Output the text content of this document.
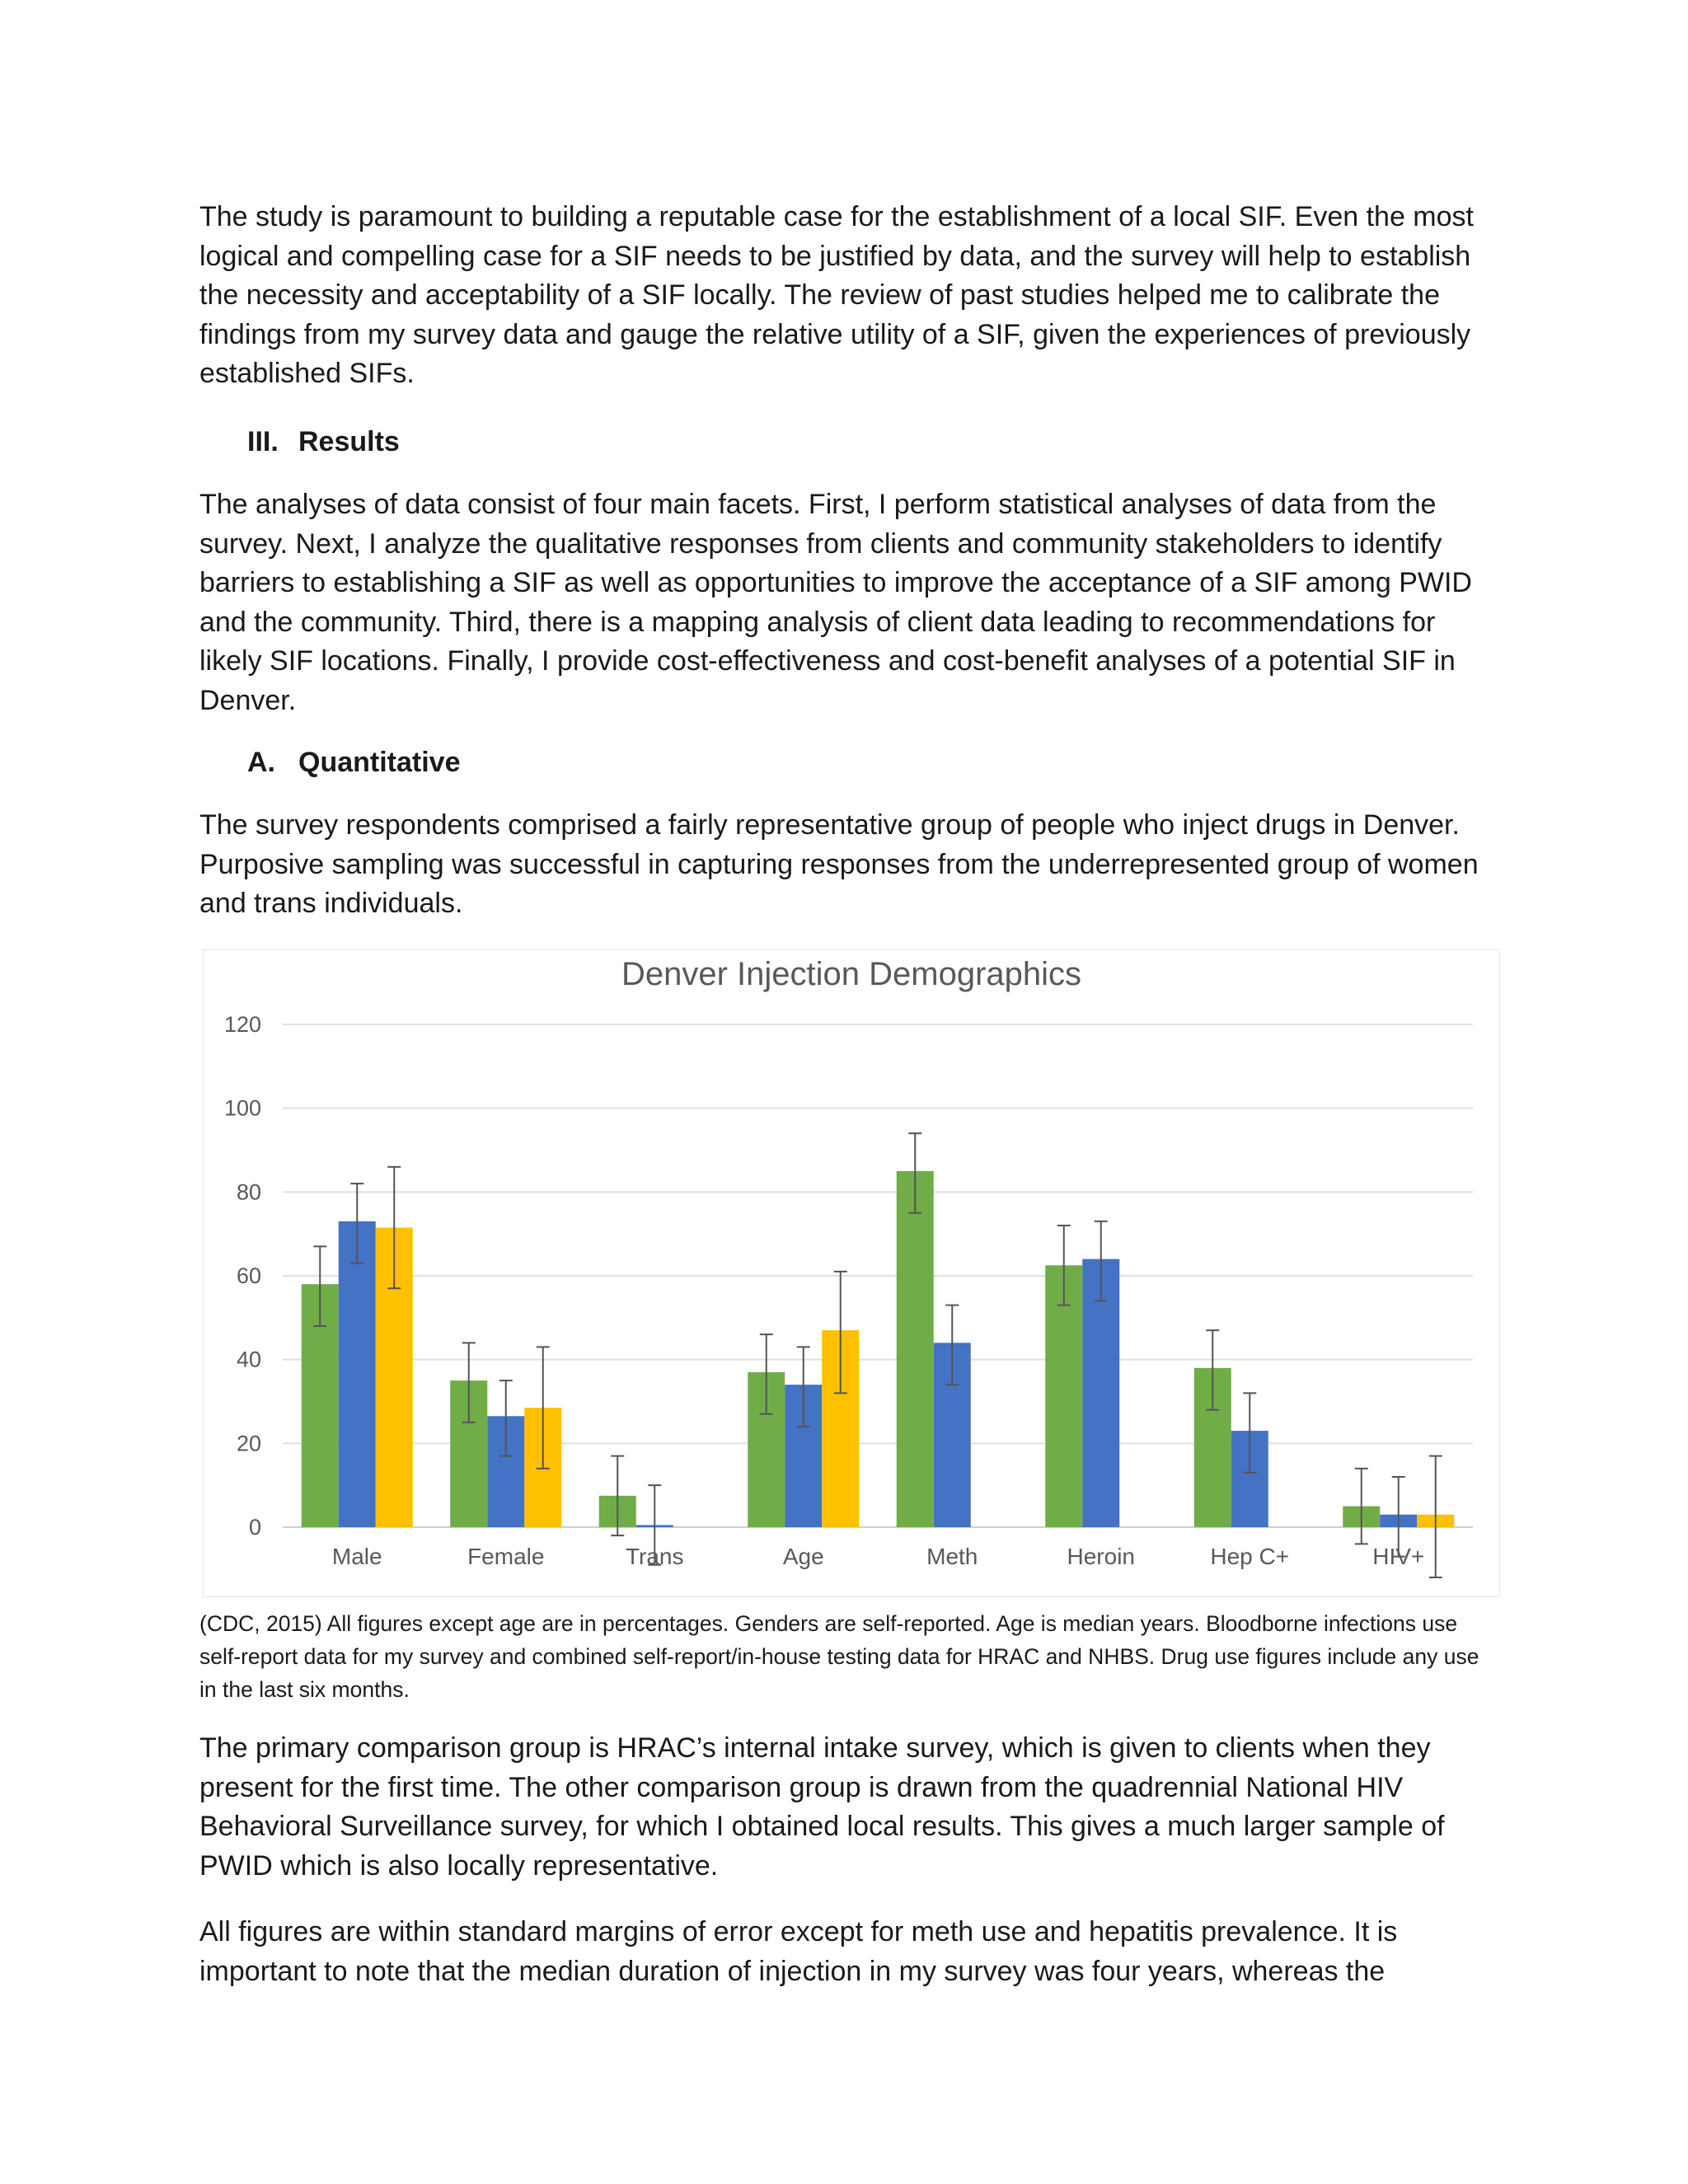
The study is paramount to building a reputable case for the establishment of a local SIF. Even the most logical and compelling case for a SIF needs to be justified by data, and the survey will help to establish the necessity and acceptability of a SIF locally. The review of past studies helped me to calibrate the findings from my survey data and gauge the relative utility of a SIF, given the experiences of previously established SIFs.

III. Results

The analyses of data consist of four main facets. First, I perform statistical analyses of data from the survey. Next, I analyze the qualitative responses from clients and community stakeholders to identify barriers to establishing a SIF as well as opportunities to improve the acceptance of a SIF among PWID and the community. Third, there is a mapping analysis of client data leading to recommendations for likely SIF locations. Finally, I provide cost-effectiveness and cost-benefit analyses of a potential SIF in Denver.

A. Quantitative

The survey respondents comprised a fairly representative group of people who inject drugs in Denver. Purposive sampling was successful in capturing responses from the underrepresented group of women and trans individuals.

Denver Injection Demographics
0
20
40
60
80
100
120
Male	Female	Trans	Age	Meth	Heroin	Hep C+	HIV+

(CDC, 2015) All figures except age are in percentages. Genders are self-reported. Age is median years. Bloodborne infections use self-report data for my survey and combined self-report/in-house testing data for HRAC and NHBS. Drug use figures include any use in the last six months.

The primary comparison group is HRAC’s internal intake survey, which is given to clients when they present for the first time. The other comparison group is drawn from the quadrennial National HIV Behavioral Surveillance survey, for which I obtained local results. This gives a much larger sample of PWID which is also locally representative.

All figures are within standard margins of error except for meth use and hepatitis prevalence. It is important to note that the median duration of injection in my survey was four years, whereas the
